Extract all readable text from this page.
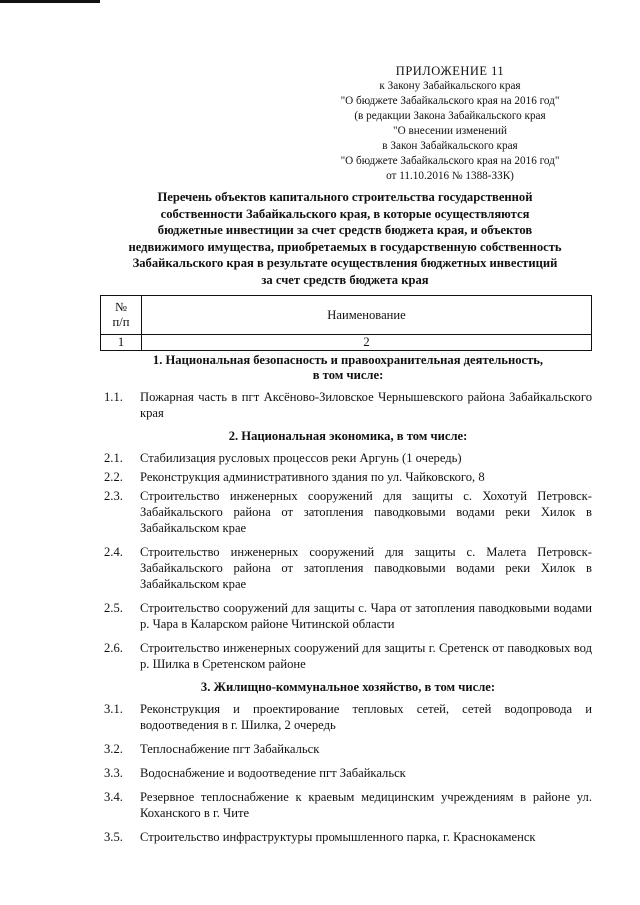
ПРИЛОЖЕНИЕ 11
к Закону Забайкальского края
"О бюджете Забайкальского края на 2016 год"
(в редакции Закона Забайкальского края
"О внесении изменений
в Закон Забайкальского края
"О бюджете Забайкальского края на 2016 год"
от 11.10.2016 № 1388-ЗЗК)
Перечень объектов капитального строительства государственной
собственности Забайкальского края, в которые осуществляются
бюджетные инвестиции за счет средств бюджета края, и объектов
недвижимого имущества, приобретаемых в государственную собственность
Забайкальского края в результате осуществления бюджетных инвестиций
за счет средств бюджета края
№
п/п	Наименование
1	2
1. Национальная безопасность и правоохранительная деятельность,
в том числе:
1.1.	Пожарная часть в пгт Аксёново-Зиловское Чернышевского района Забайкальского края
2. Национальная экономика, в том числе:
2.1.	Стабилизация русловых процессов реки Аргунь (1 очередь)
2.2.	Реконструкция административного здания по ул. Чайковского, 8
2.3.	Строительство инженерных сооружений для защиты с. Хохотуй Петровск-Забайкальского района от затопления паводковыми водами реки Хилок в Забайкальском крае
2.4.	Строительство инженерных сооружений для защиты с. Малета Петровск-Забайкальского района от затопления паводковыми водами реки Хилок в Забайкальском крае
2.5.	Строительство сооружений для защиты с. Чара от затопления паводковыми водами р. Чара в Каларском районе Читинской области
2.6.	Строительство инженерных сооружений для защиты г. Сретенск от паводковых вод р. Шилка в Сретенском районе
3. Жилищно-коммунальное хозяйство, в том числе:
3.1.	Реконструкция и проектирование тепловых сетей, сетей водопровода и водоотведения в г. Шилка, 2 очередь
3.2.	Теплоснабжение пгт Забайкальск
3.3.	Водоснабжение и водоотведение пгт Забайкальск
3.4.	Резервное теплоснабжение к краевым медицинским учреждениям в районе ул. Коханского в г. Чите
3.5.	Строительство инфраструктуры промышленного парка, г. Краснокаменск
